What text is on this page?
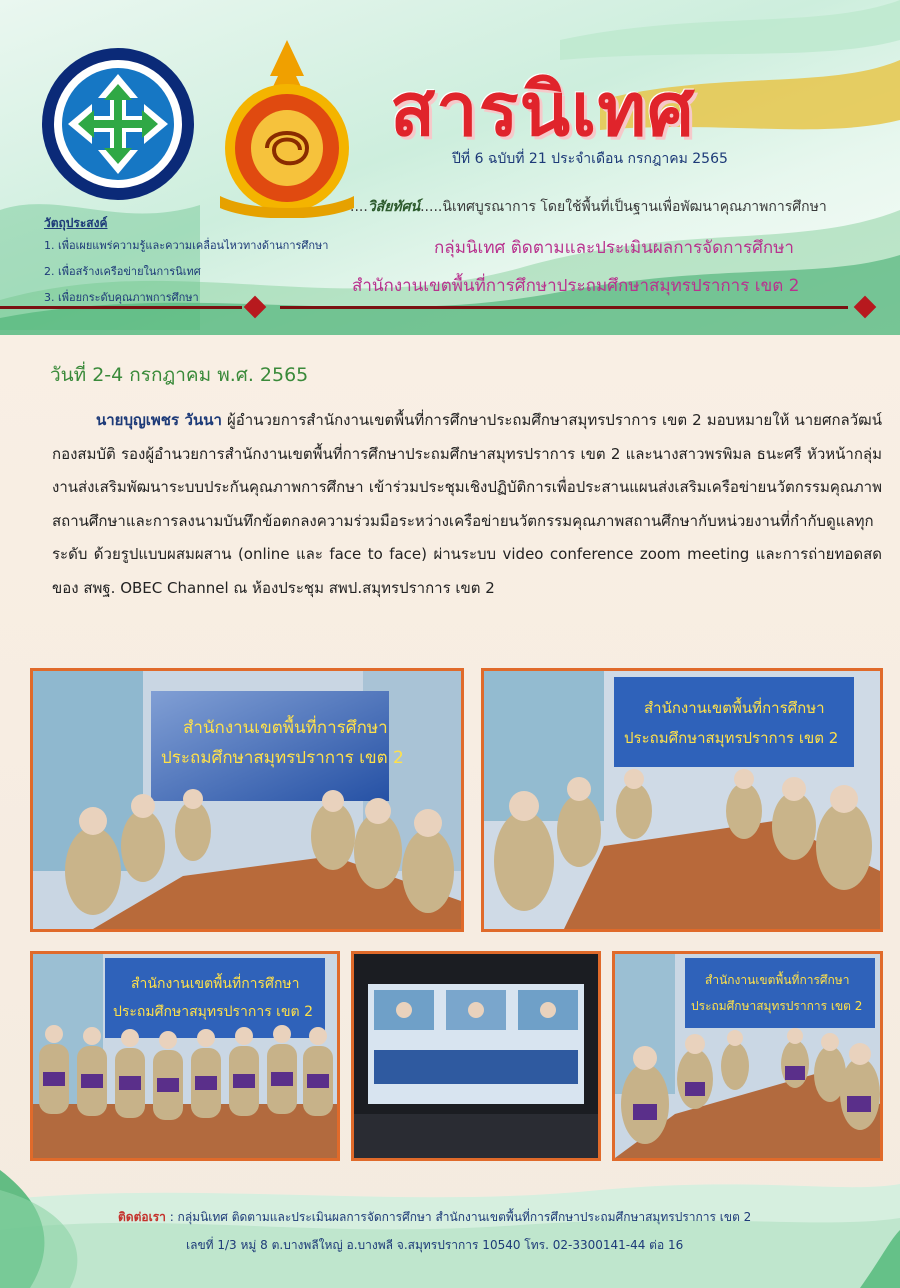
สารนิเทศ
ปีที่ 6 ฉบับที่ 21 ประจำเดือน กรกฎาคม 2565
....วิสัยทัศน์.....นิเทศบูรณาการ โดยใช้พื้นที่เป็นฐานเพื่อพัฒนาคุณภาพการศึกษา
วัตถุประสงค์
1. เพื่อเผยแพร่ความรู้และความเคลื่อนไหวทางด้านการศึกษา
2. เพื่อสร้างเครือข่ายในการนิเทศ
3. เพื่อยกระดับคุณภาพการศึกษา
กลุ่มนิเทศ ติดตามและประเมินผลการจัดการศึกษา
สำนักงานเขตพื้นที่การศึกษาประถมศึกษาสมุทรปราการ เขต 2
วันที่ 2-4 กรกฎาคม พ.ศ. 2565
นายบุญเพชร วันนา ผู้อำนวยการสำนักงานเขตพื้นที่การศึกษาประถมศึกษาสมุทรปราการ เขต 2 มอบหมายให้ นายศกลวัฒน์ กองสมบัติ รองผู้อำนวยการสำนักงานเขตพื้นที่การศึกษาประถมศึกษาสมุทรปราการ เขต 2 และนางสาวพรพิมล ธนะศรี หัวหน้ากลุ่มงานส่งเสริมพัฒนาระบบประกันคุณภาพการศึกษา เข้าร่วมประชุมเชิงปฏิบัติการเพื่อประสานแผนส่งเสริมเครือข่ายนวัตกรรมคุณภาพสถานศึกษาและการลงนามบันทึกข้อตกลงความร่วมมือระหว่างเครือข่ายนวัตกรรมคุณภาพสถานศึกษากับหน่วยงานที่กำกับดูแลทุกระดับ ด้วยรูปแบบผสมผสาน (online และ face to face) ผ่านระบบ video conference zoom meeting และการถ่ายทอดสดของ สพฐ. OBEC Channel ณ ห้องประชุม สพป.สมุทรปราการ เขต 2
สำนักงานเขตพื้นที่การศึกษา
ประถมศึกษาสมุทรปราการ เขต 2
สำนักงานเขตพื้นที่การศึกษา
ประถมศึกษาสมุทรปราการ เขต 2
สำนักงานเขตพื้นที่การศึกษา
ประถมศึกษาสมุทรปราการ เขต 2
สำนักงานเขตพื้นที่การศึกษา
ประถมศึกษาสมุทรปราการ เขต 2
ติดต่อเรา : กลุ่มนิเทศ ติดตามและประเมินผลการจัดการศึกษา สำนักงานเขตพื้นที่การศึกษาประถมศึกษาสมุทรปราการ เขต 2
เลขที่ 1/3 หมู่ 8 ต.บางพลีใหญ่ อ.บางพลี จ.สมุทรปราการ 10540 โทร. 02-3300141-44 ต่อ 16
